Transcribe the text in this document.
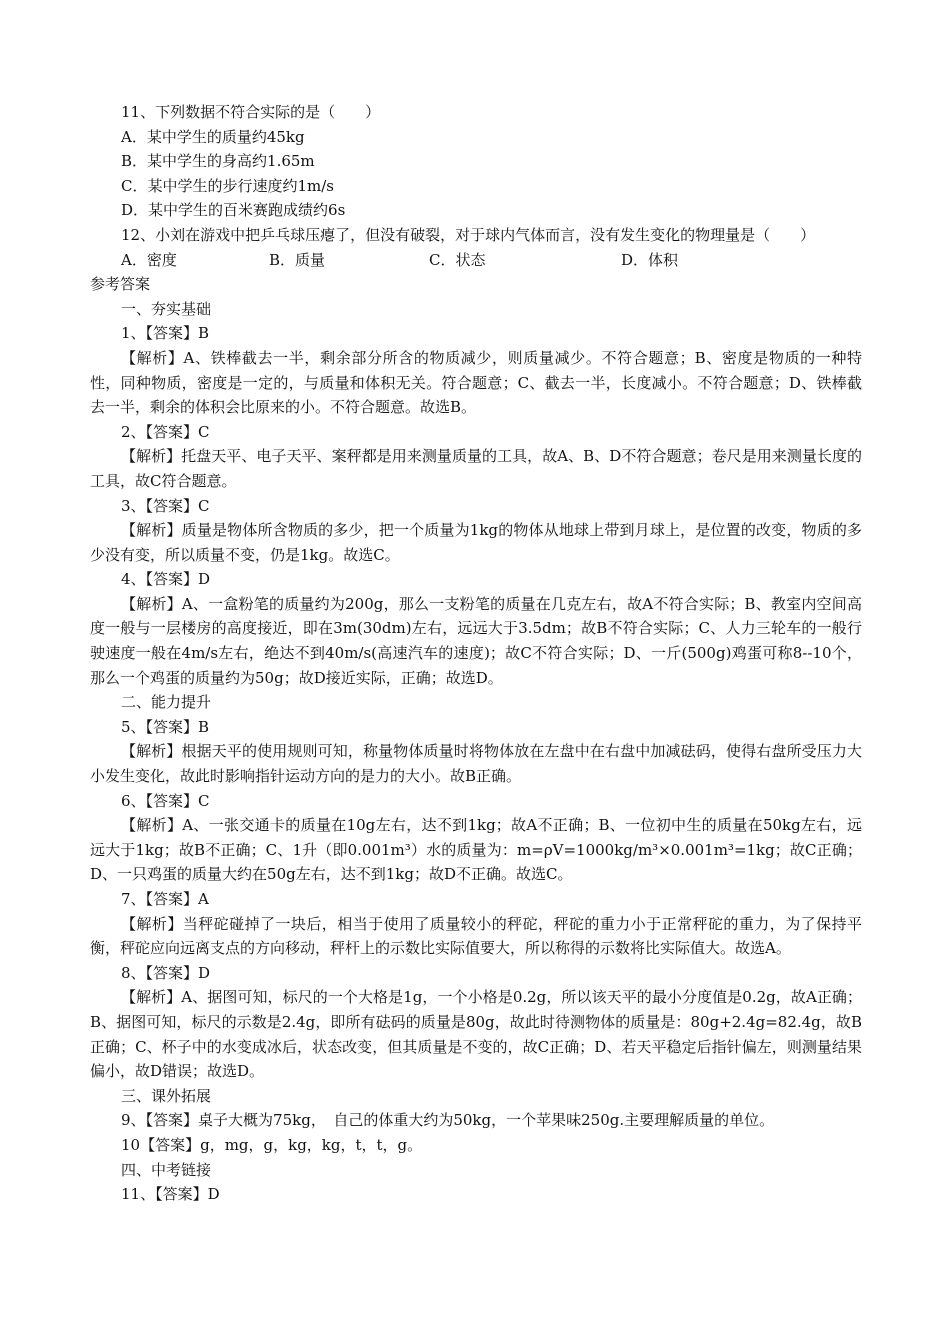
11、下列数据不符合实际的是（　　）
A．某中学生的质量约45kg
B．某中学生的身高约1.65m
C．某中学生的步行速度约1m/s
D．某中学生的百米赛跑成绩约6s
12、小刘在游戏中把乒乓球压瘪了，但没有破裂，对于球内气体而言，没有发生变化的物理量是（　　）
A．密度	B．质量	C．状态	D．体积
参考答案
一、夯实基础
1、【答案】B
【解析】A、铁棒截去一半，剩余部分所含的物质减少，则质量减少。不符合题意；B、密度是物质的一种特性，同种物质，密度是一定的，与质量和体积无关。符合题意；C、截去一半，长度减小。不符合题意；D、铁棒截去一半，剩余的体积会比原来的小。不符合题意。故选B。
2、【答案】C
【解析】托盘天平、电子天平、案秤都是用来测量质量的工具，故A、B、D不符合题意；卷尺是用来测量长度的工具，故C符合题意。
3、【答案】C
【解析】质量是物体所含物质的多少，把一个质量为1kg的物体从地球上带到月球上，是位置的改变，物质的多少没有变，所以质量不变，仍是1kg。故选C。
4、【答案】D
【解析】A、一盒粉笔的质量约为200g，那么一支粉笔的质量在几克左右，故A不符合实际；B、教室内空间高度一般与一层楼房的高度接近，即在3m(30dm)左右，远远大于3.5dm；故B不符合实际；C、人力三轮车的一般行驶速度一般在4m/s左右，绝达不到40m/s(高速汽车的速度)；故C不符合实际；D、一斤(500g)鸡蛋可称8--10个，那么一个鸡蛋的质量约为50g；故D接近实际，正确；故选D。
二、能力提升
5、【答案】B
【解析】根据天平的使用规则可知，称量物体质量时将物体放在左盘中在右盘中加减砝码，使得右盘所受压力大小发生变化，故此时影响指针运动方向的是力的大小。故B正确。
6、【答案】C
【解析】A、一张交通卡的质量在10g左右，达不到1kg；故A不正确；B、一位初中生的质量在50kg左右，远远大于1kg；故B不正确；C、1升（即0.001m³）水的质量为：m=ρV=1000kg/m³×0.001m³=1kg；故C正确；D、一只鸡蛋的质量大约在50g左右，达不到1kg；故D不正确。故选C。
7、【答案】A
【解析】当秤砣碰掉了一块后，相当于使用了质量较小的秤砣，秤砣的重力小于正常秤砣的重力，为了保持平衡，秤砣应向远离支点的方向移动，秤杆上的示数比实际值要大，所以称得的示数将比实际值大。故选A。
8、【答案】D
【解析】A、据图可知，标尺的一个大格是1g，一个小格是0.2g，所以该天平的最小分度值是0.2g，故A正确；B、据图可知，标尺的示数是2.4g，即所有砝码的质量是80g，故此时待测物体的质量是：80g+2.4g=82.4g，故B正确；C、杯子中的水变成冰后，状态改变，但其质量是不变的，故C正确；D、若天平稳定后指针偏左，则测量结果偏小，故D错误；故选D。
三、课外拓展
9、【答案】桌子大概为75kg，　自己的体重大约为50kg，一个苹果味250g.主要理解质量的单位。
10【答案】g，mg，g，kg，kg，t，t，g。
四、中考链接
11、【答案】D
